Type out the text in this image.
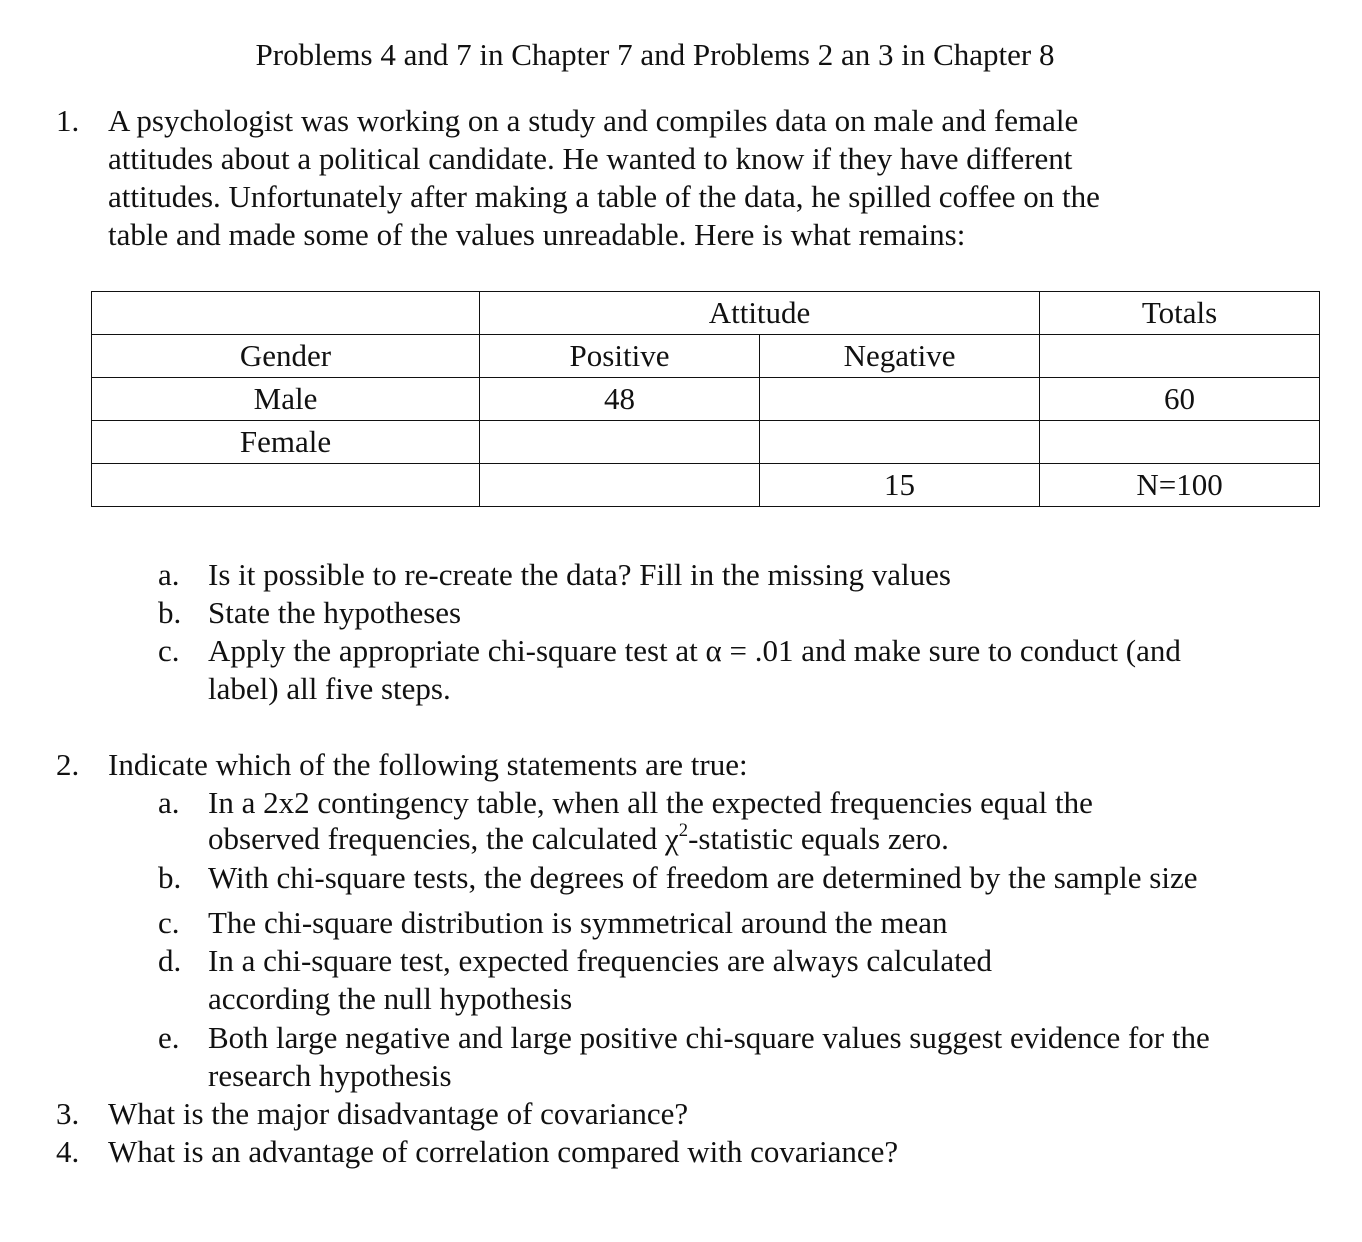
Problems 4 and 7 in Chapter 7 and Problems 2 an 3 in Chapter 8
1. A psychologist was working on a study and compiles data on male and female
attitudes about a political candidate. He wanted to know if they have different
attitudes. Unfortunately after making a table of the data, he spilled coffee on the
table and made some of the values unreadable. Here is what remains:
	Attitude		Totals
Gender	Positive	Negative	
Male	48		60
Female			
		15	N=100
a. Is it possible to re-create the data? Fill in the missing values
b. State the hypotheses
c. Apply the appropriate chi-square test at α = .01 and make sure to conduct (and
label) all five steps.
2. Indicate which of the following statements are true:
a. In a 2x2 contingency table, when all the expected frequencies equal the
observed frequencies, the calculated $\chi^2$-statistic equals zero.
b. With chi-square tests, the degrees of freedom are determined by the sample size
c. The chi-square distribution is symmetrical around the mean
d. In a chi-square test, expected frequencies are always calculated
according the null hypothesis
e. Both large negative and large positive chi-square values suggest evidence for the
research hypothesis
3. What is the major disadvantage of covariance?
4. What is an advantage of correlation compared with covariance?
